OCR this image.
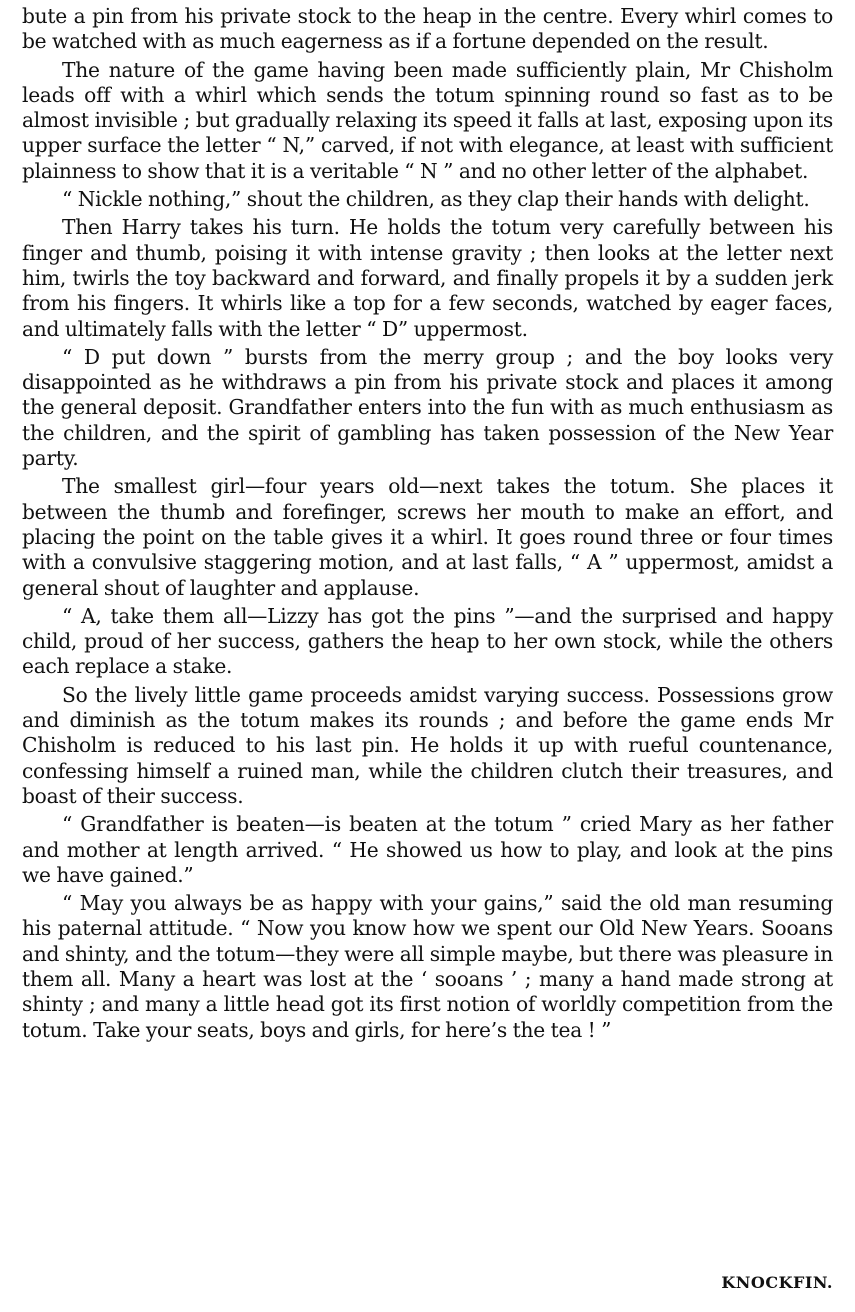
bute a pin from his private stock to the heap in the centre. Every whirl comes to be watched with as much eagerness as if a fortune depended on the result.

The nature of the game having been made sufficiently plain, Mr Chisholm leads off with a whirl which sends the totum spinning round so fast as to be almost invisible ; but gradually relaxing its speed it falls at last, exposing upon its upper surface the letter “ N,” carved, if not with elegance, at least with sufficient plainness to show that it is a veritable “ N ” and no other letter of the alphabet.

“ Nickle nothing,” shout the children, as they clap their hands with delight.

Then Harry takes his turn. He holds the totum very carefully between his finger and thumb, poising it with intense gravity ; then looks at the letter next him, twirls the toy backward and forward, and finally propels it by a sudden jerk from his fingers. It whirls like a top for a few seconds, watched by eager faces, and ultimately falls with the letter “ D” uppermost.

“ D put down ” bursts from the merry group ; and the boy looks very disappointed as he withdraws a pin from his private stock and places it among the general deposit. Grandfather enters into the fun with as much enthusiasm as the children, and the spirit of gambling has taken possession of the New Year party.

The smallest girl—four years old—next takes the totum. She places it between the thumb and forefinger, screws her mouth to make an effort, and placing the point on the table gives it a whirl. It goes round three or four times with a convulsive staggering motion, and at last falls, “ A ” uppermost, amidst a general shout of laughter and applause.

“ A, take them all—Lizzy has got the pins ”—and the surprised and happy child, proud of her success, gathers the heap to her own stock, while the others each replace a stake.

So the lively little game proceeds amidst varying success. Possessions grow and diminish as the totum makes its rounds ; and before the game ends Mr Chisholm is reduced to his last pin. He holds it up with rueful countenance, confessing himself a ruined man, while the children clutch their treasures, and boast of their success.

“ Grandfather is beaten—is beaten at the totum ” cried Mary as her father and mother at length arrived. “ He showed us how to play, and look at the pins we have gained.”

“ May you always be as happy with your gains,” said the old man resuming his paternal attitude. “ Now you know how we spent our Old New Years. Sooans and shinty, and the totum—they were all simple maybe, but there was pleasure in them all. Many a heart was lost at the ‘ sooans ’ ; many a hand made strong at shinty ; and many a little head got its first notion of worldly competition from the totum. Take your seats, boys and girls, for here’s the tea ! ”

KNOCKFIN.
